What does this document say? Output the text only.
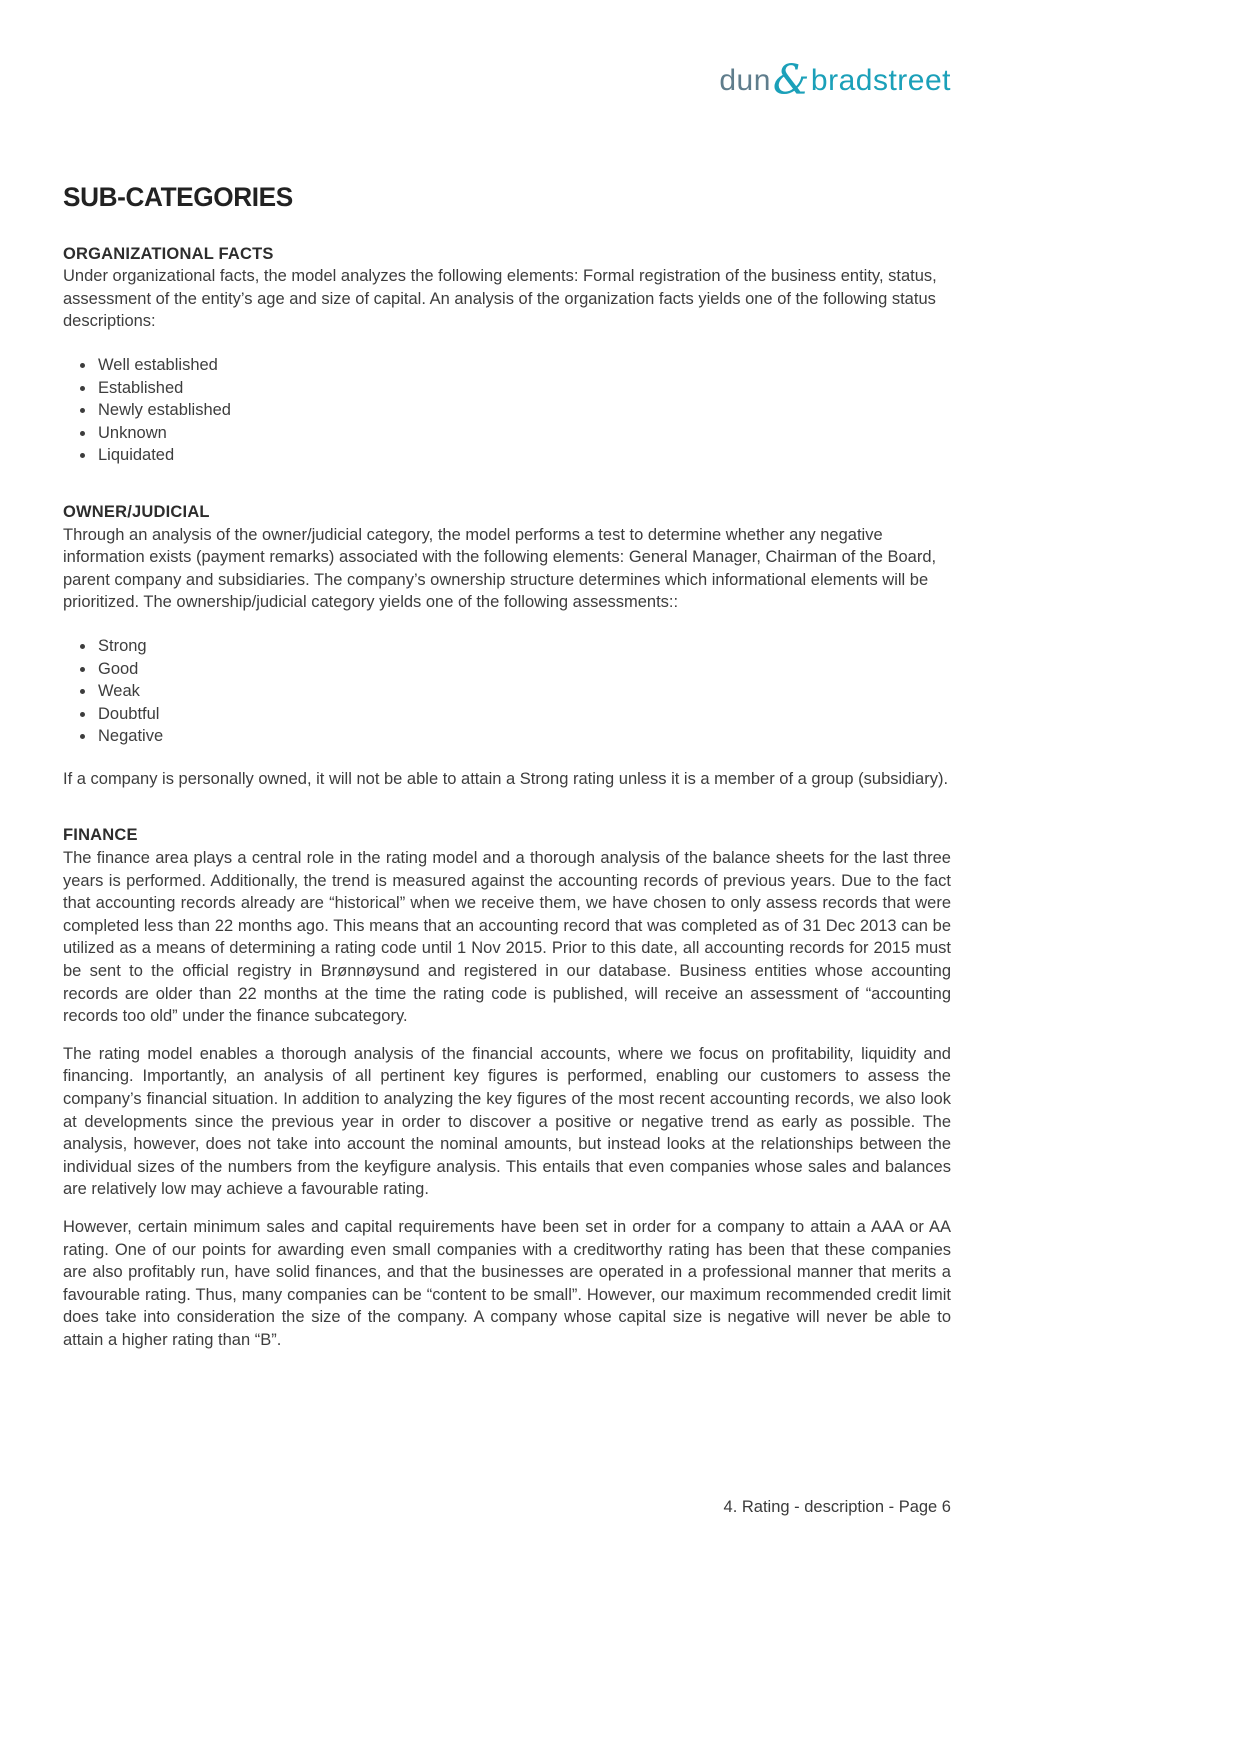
dun&bradstreet
SUB-CATEGORIES
ORGANIZATIONAL FACTS

Under organizational facts, the model analyzes the following elements: Formal registration of the business entity, status, assessment of the entity’s age and size of capital. An analysis of the organization facts yields one of the following status descriptions:

• Well established
• Established
• Newly established
• Unknown
• Liquidated
OWNER/JUDICIAL

Through an analysis of the owner/judicial category, the model performs a test to determine whether any negative information exists (payment remarks) associated with the following elements: General Manager, Chairman of the Board, parent company and subsidiaries. The company’s ownership structure determines which informational elements will be prioritized. The ownership/judicial category yields one of the following assessments::

• Strong
• Good
• Weak
• Doubtful
• Negative

If a company is personally owned, it will not be able to attain a Strong rating unless it is a member of a group (subsidiary).

FINANCE

The finance area plays a central role in the rating model and a thorough analysis of the balance sheets for the last three years is performed. Additionally, the trend is measured against the accounting records of previous years. Due to the fact that accounting records already are “historical” when we receive them, we have chosen to only assess records that were completed less than 22 months ago. This means that an accounting record that was completed as of 31 Dec 2013 can be utilized as a means of determining a rating code until 1 Nov 2015. Prior to this date, all accounting records for 2015 must be sent to the official registry in Brønnøysund and registered in our database. Business entities whose accounting records are older than 22 months at the time the rating code is published, will receive an assessment of “accounting records too old” under the finance subcategory.

The rating model enables a thorough analysis of the financial accounts, where we focus on profitability, liquidity and financing. Importantly, an analysis of all pertinent key figures is performed, enabling our customers to assess the company’s financial situation. In addition to analyzing the key figures of the most recent accounting records, we also look at developments since the previous year in order to discover a positive or negative trend as early as possible. The analysis, however, does not take into account the nominal amounts, but instead looks at the relationships between the individual sizes of the numbers from the keyfigure analysis. This entails that even companies whose sales and balances are relatively low may achieve a favourable rating.

However, certain minimum sales and capital requirements have been set in order for a company to attain a AAA or AA rating. One of our points for awarding even small companies with a creditworthy rating has been that these companies are also profitably run, have solid finances, and that the businesses are operated in a professional manner that merits a favourable rating. Thus, many companies can be “content to be small”. However, our maximum recommended credit limit does take into consideration the size of the company. A company whose capital size is negative will never be able to attain a higher rating than “B”.

4. Rating - description - Page 6
